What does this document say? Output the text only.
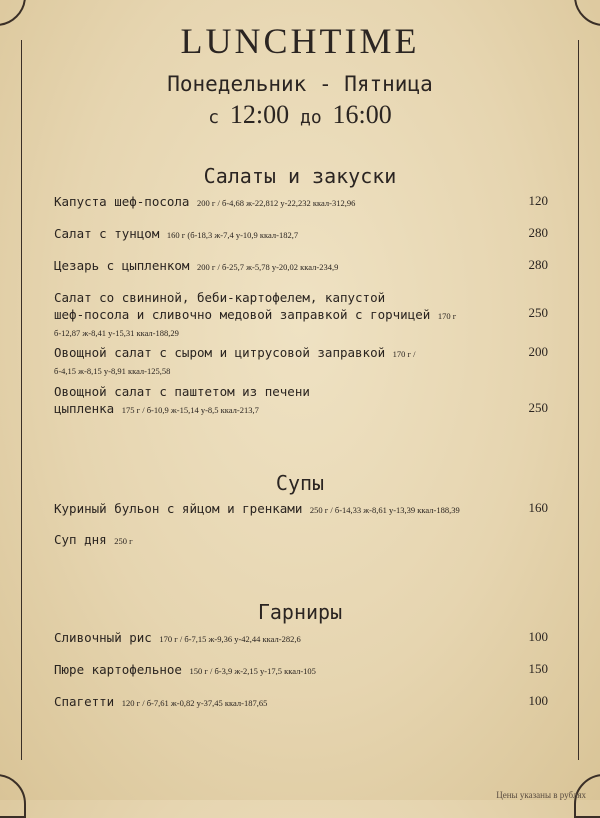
LUNCHTIME
Понедельник - Пятница
с 12:00 до 16:00
Салаты и закуски
Капуста шеф-посола 200 г / б-4,68 ж-22,812 у-22,232 ккал-312,96	120
Салат с тунцом 160 г (б-18,3 ж-7,4 у-10,9 ккал-182,7	280
Цезарь с цыпленком 200 г / б-25,7 ж-5,78 у-20,02 ккал-234,9	280
Салат со свининой, беби-картофелем, капустой
шеф-посола и сливочно медовой заправкой с горчицей 170 г
б-12,87 ж-8,41 у-15,31 ккал-188,29
250
Овощной салат с сыром и цитрусовой заправкой 170 г /
б-4,15 ж-8,15 у-8,91 ккал-125,58
200
Овощной салат с паштетом из печени
цыпленка 175 г / б-10,9 ж-15,14 у-8,5 ккал-213,7	250
Супы
Куриный бульон с яйцом и гренками 250 г / б-14,33 ж-8,61 у-13,39 ккал-188,39	160
Суп дня 250 г
Гарниры
Сливочный рис 170 г / б-7,15 ж-9,36 у-42,44 ккал-282,6	100
Пюре картофельное 150 г / б-3,9 ж-2,15 у-17,5 ккал-105	150
Спагетти 120 г / б-7,61 ж-0,82 у-37,45 ккал-187,65	100
Цены указаны в рублях
